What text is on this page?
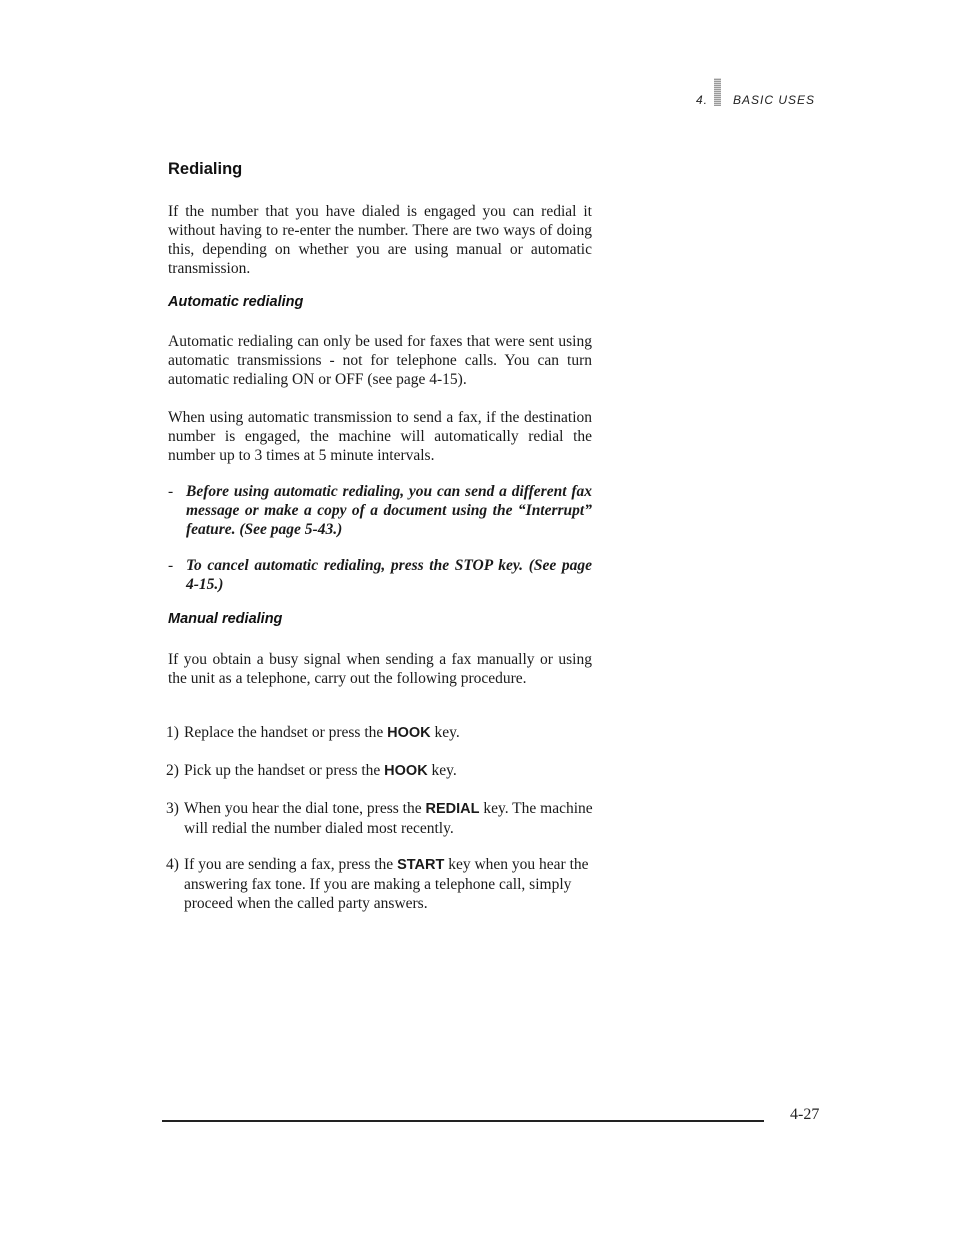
4. BASIC USES
Redialing

If the number that you have dialed is engaged you can redial it without having to re-enter the number. There are two ways of doing this, depending on whether you are using manual or automatic transmission.

Automatic redialing

Automatic redialing can only be used for faxes that were sent using automatic transmissions - not for telephone calls. You can turn automatic redialing ON or OFF (see page 4-15).

When using automatic transmission to send a fax, if the destination number is engaged, the machine will automatically redial the number up to 3 times at 5 minute intervals.

- Before using automatic redialing, you can send a different fax message or make a copy of a document using the “Interrupt” feature. (See page 5-43.)
- To cancel automatic redialing, press the STOP key. (See page 4-15.)
Manual redialing

If you obtain a busy signal when sending a fax manually or using the unit as a telephone, carry out the following procedure.

1) Replace the handset or press the HOOK key.
2) Pick up the handset or press the HOOK key.
3) When you hear the dial tone, press the REDIAL key. The machine will redial the number dialed most recently.
4) If you are sending a fax, press the START key when you hear the answering fax tone. If you are making a telephone call, simply proceed when the called party answers.
4-27
